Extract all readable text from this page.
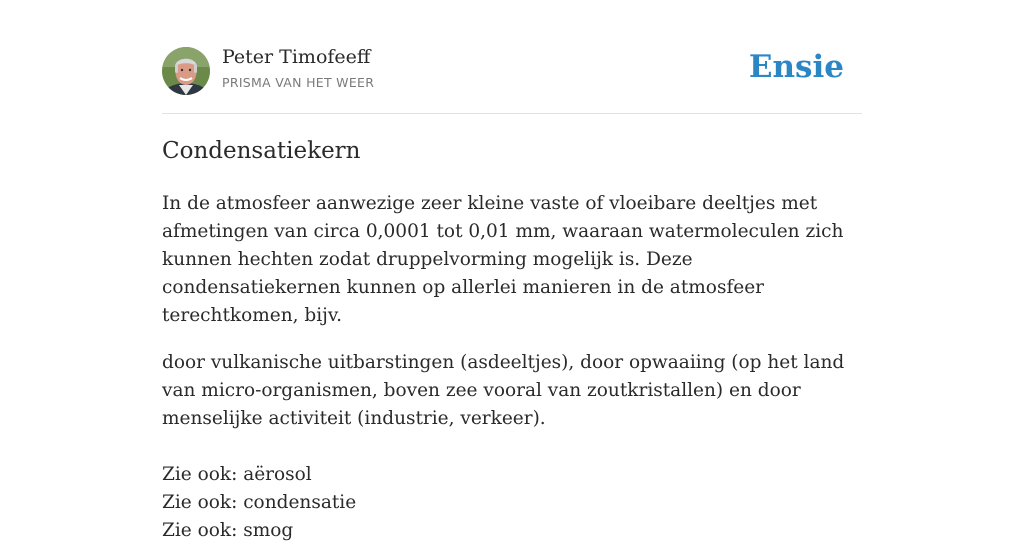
Peter Timofeeff
PRISMA VAN HET WEER	Ensie
Condensatiekern

In de atmosfeer aanwezige zeer kleine vaste of vloeibare deeltjes met afmetingen van circa 0,0001 tot 0,01 mm, waaraan watermoleculen zich kunnen hechten zodat druppelvorming mogelijk is. Deze condensatiekernen kunnen op allerlei manieren in de atmosfeer terechtkomen, bijv.

door vulkanische uitbarstingen (asdeeltjes), door opwaaiing (op het land van micro-organismen, boven zee vooral van zoutkristallen) en door menselijke activiteit (industrie, verkeer).

Zie ook: aërosol

Zie ook: condensatie

Zie ook: smog
